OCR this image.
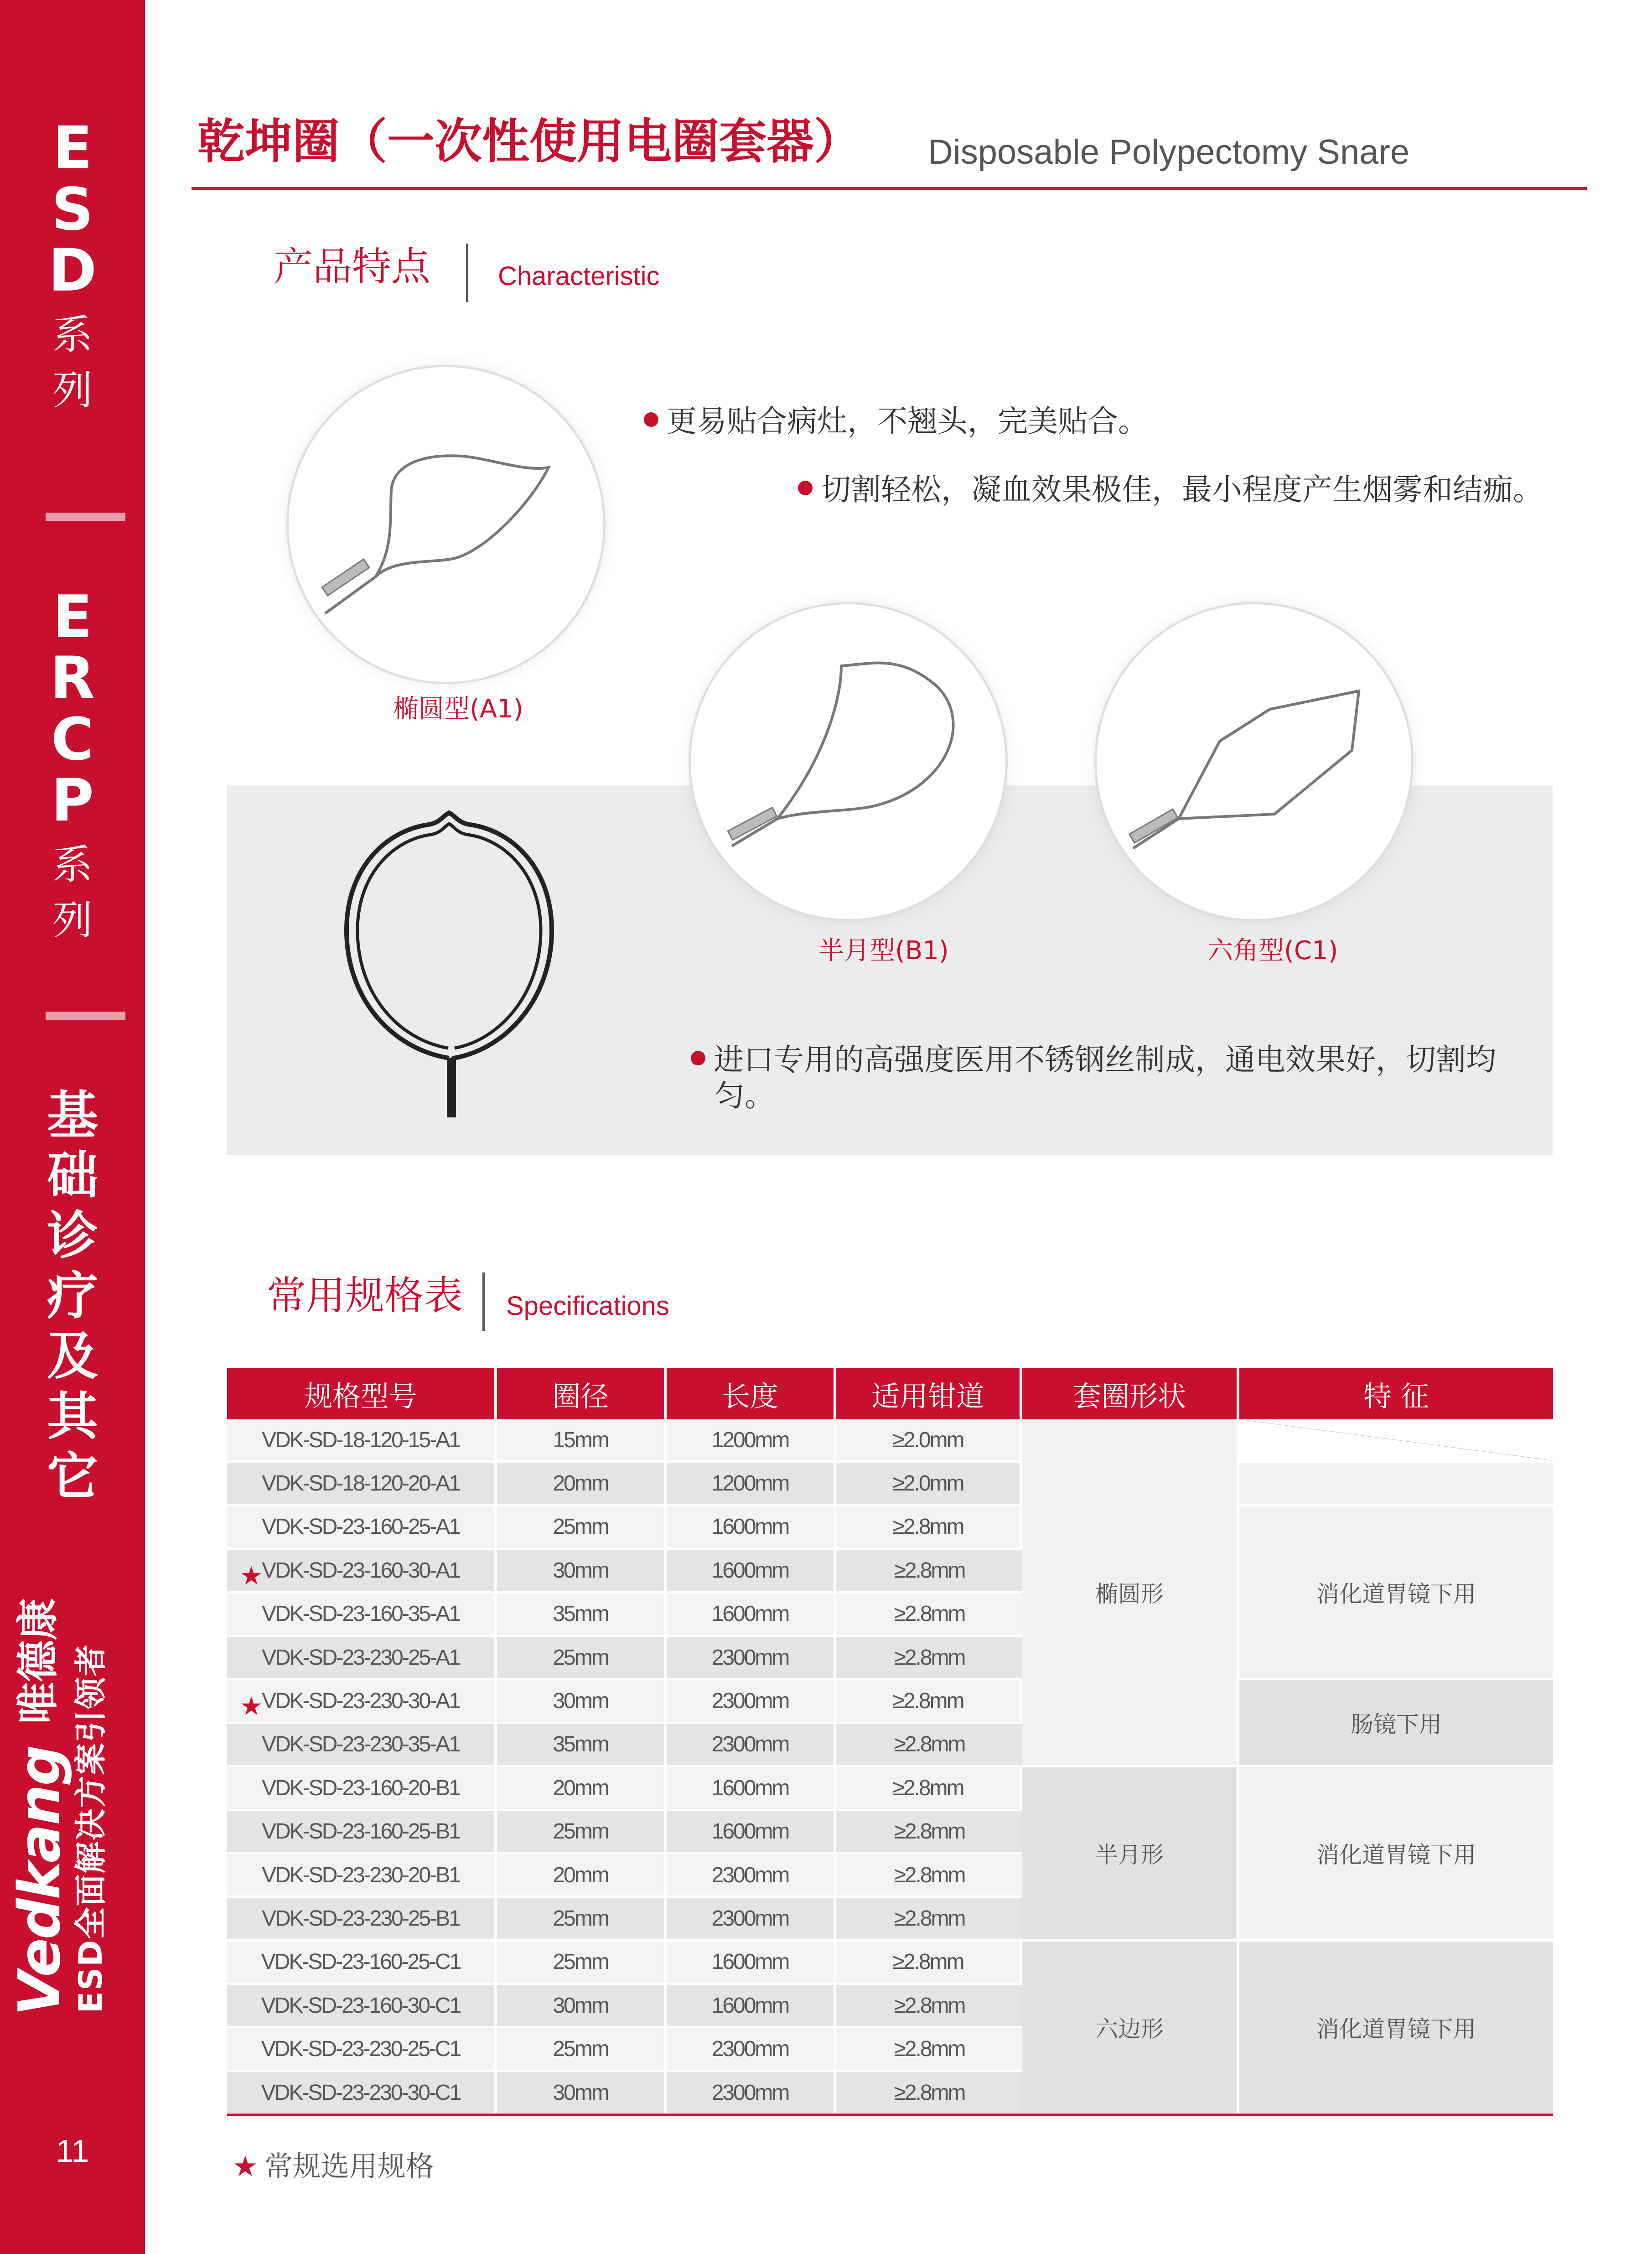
E
S
D
系
列
E
R
C
P
系
列
基
础
诊
疗
及
其
它
Vedkang
唯德康 ESD全面解决方案引领者
11
乾坤圈（一次性使用电圈套器） Disposable Polypectomy Snare
产品特点	Characteristic
椭圆型(A1)
半月型(B1)	六角型(C1)
更易贴合病灶，不翘头，完美贴合。
切割轻松，凝血效果极佳，最小程度产生烟雾和结痂。
进口专用的高强度医用不锈钢丝制成，通电效果好，切割均匀。
常用规格表 Specifications
规格型号	圈径	长度	适用钳道	套圈形状	特 征
VDK-SD-18-120-15-A1	15mm	1200mm	≥2.0mm	椭圆形	

VDK-SD-18-120-20-A1	20mm	1200mm	≥2.0mm		
VDK-SD-23-160-25-A1	25mm	1600mm	≥2.8mm		消化道胃镜下用

★
VDK-SD-23-160-30-A1	30mm	1600mm	≥2.8mm		
VDK-SD-23-160-35-A1	35mm	1600mm	≥2.8mm		
VDK-SD-23-230-25-A1	25mm	2300mm	≥2.8mm		

★
VDK-SD-23-230-30-A1	30mm	2300mm	≥2.8mm		肠镜下用
VDK-SD-23-230-35-A1	35mm	2300mm	≥2.8mm		
VDK-SD-23-160-20-B1	20mm	1600mm	≥2.8mm	半月形	消化道胃镜下用
VDK-SD-23-160-25-B1	25mm	1600mm	≥2.8mm		
VDK-SD-23-230-20-B1	20mm	2300mm	≥2.8mm		
VDK-SD-23-230-25-B1	25mm	2300mm	≥2.8mm		
VDK-SD-23-160-25-C1	25mm	1600mm	≥2.8mm	六边形	消化道胃镜下用
VDK-SD-23-160-30-C1	30mm	1600mm	≥2.8mm		
VDK-SD-23-230-25-C1	25mm	2300mm	≥2.8mm		
VDK-SD-23-230-30-C1	30mm	2300mm	≥2.8mm		
★ 常规选用规格
